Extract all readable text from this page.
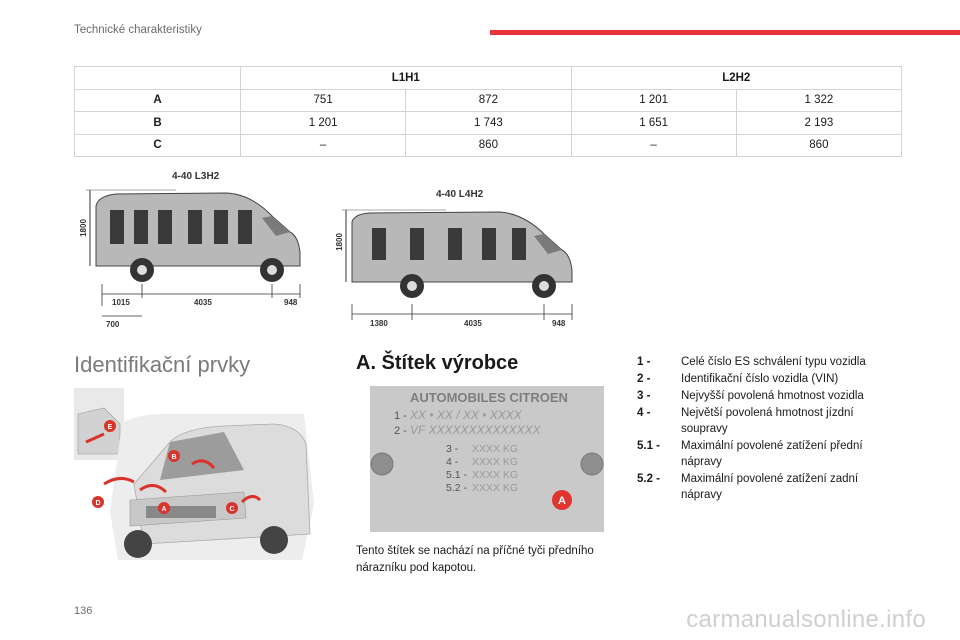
Technické charakteristiky
	L1H1		L2H2	
A	751	872	1 201	1 322
B	1 201	1 743	1 651	2 193
C	–	860	–	860
4-40 L3H2
1800
1015	4035	948
700
4-40 L4H2
1800
1380	4035	948
Identifikační prvky	A. Štítek výrobce
A
B
C
D
E
AUTOMOBILES CITROEN
1 - XX • XX / XX • XXXX
2 - VF XXXXXXXXXXXXXX
3 - XXXX KG
4 - XXXX KG
5.1 - XXXX KG
5.2 - XXXX KG
A
Tento štítek se nachází na příčné tyči předního nárazníku pod kapotou.
1 -	Celé číslo ES schválení typu vozidla
2 -	Identifikační číslo vozidla (VIN)
3 -	Nejvyšší povolená hmotnost vozidla
4 -	Největší povolená hmotnost jízdní soupravy
5.1 -	Maximální povolené zatížení přední nápravy
5.2 -	Maximální povolené zatížení zadní nápravy
136	carmanualsonline.info
